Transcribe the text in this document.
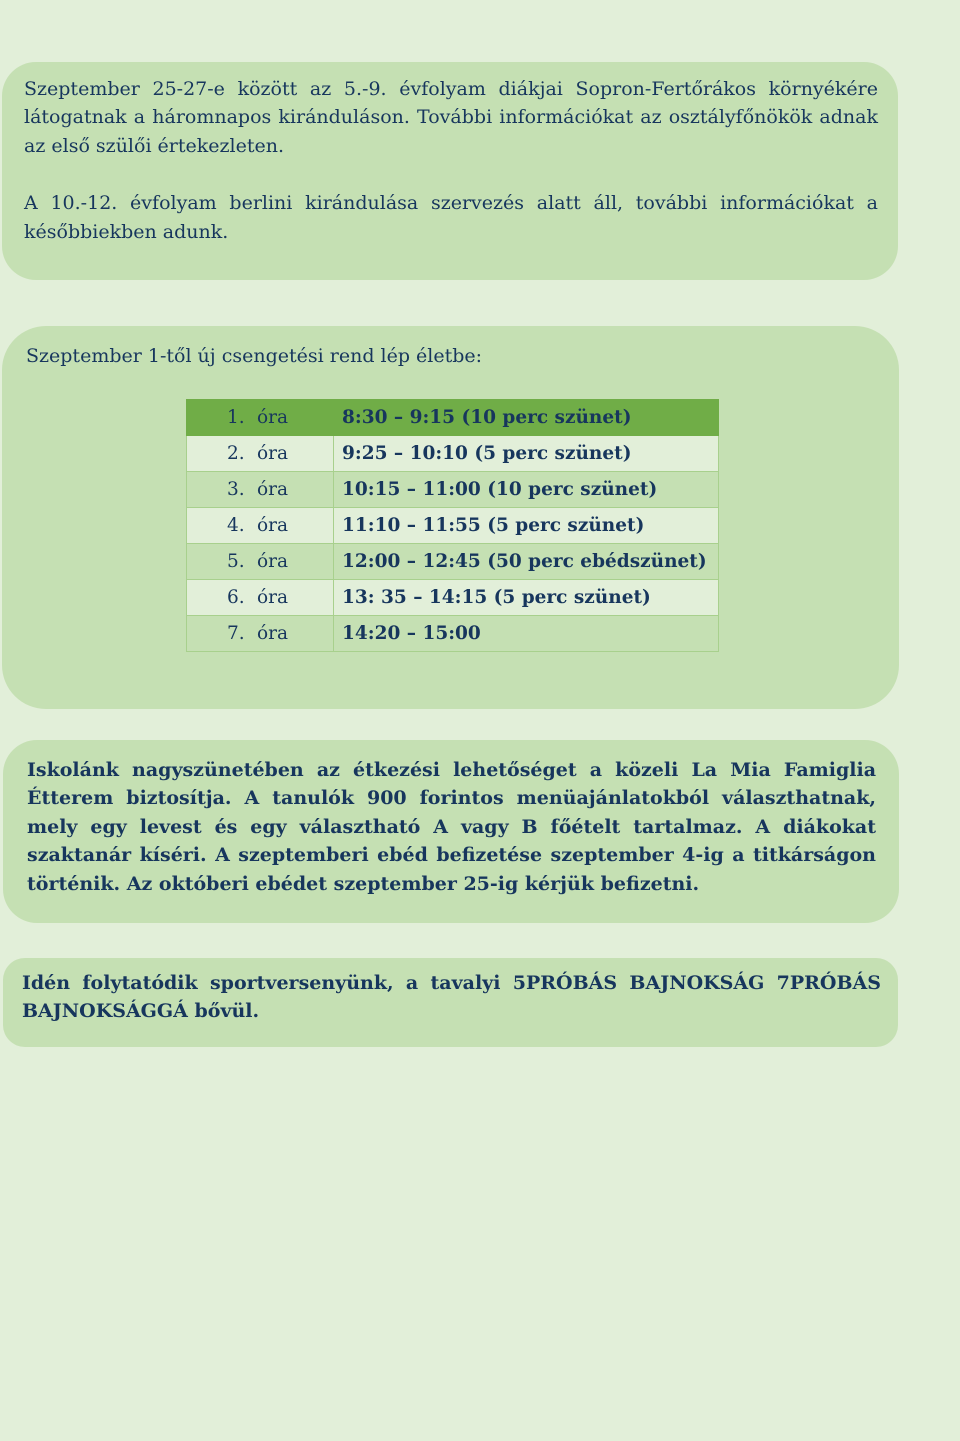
Szeptember 25-27-e között az 5.-9. évfolyam diákjai Sopron-Fertőrákos környékére látogatnak a háromnapos kiránduláson. További információkat az osztályfőnökök adnak az első szülői értekezleten.

A 10.-12. évfolyam berlini kirándulása szervezés alatt áll, további információkat a későbbiekben adunk.

Szeptember 1-től új csengetési rend lép életbe:

1. óra	8:30 – 9:15 (10 perc szünet)
2. óra	9:25 – 10:10 (5 perc szünet)
3. óra	10:15 – 11:00 (10 perc szünet)
4. óra	11:10 – 11:55 (5 perc szünet)
5. óra	12:00 – 12:45 (50 perc ebédszünet)
6. óra	13: 35 – 14:15 (5 perc szünet)
7. óra	14:20 – 15:00

Iskolánk nagyszünetében az étkezési lehetőséget a közeli La Mia Famiglia Étterem biztosítja. A tanulók 900 forintos menüajánlatokból választhatnak, mely egy levest és egy választható A vagy B főételt tartalmaz. A diákokat szaktanár kíséri. A szeptemberi ebéd befizetése szeptember 4-ig a titkárságon történik. Az októberi ebédet szeptember 25-ig kérjük befizetni.

Idén folytatódik sportversenyünk, a tavalyi 5PRÓBÁS BAJNOKSÁG 7PRÓBÁS BAJNOKSÁGGÁ bővül.
